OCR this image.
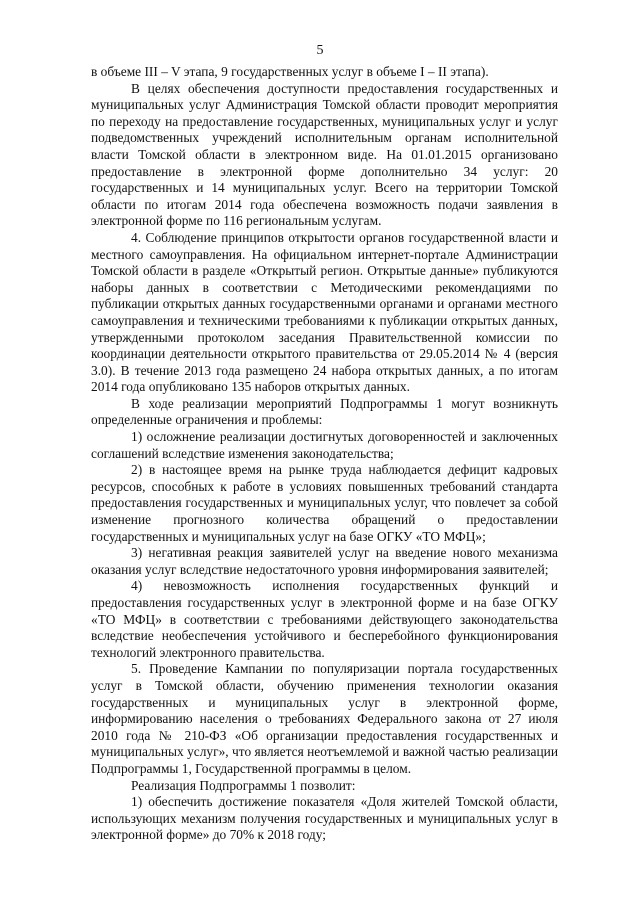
5

в объеме III – V этапа, 9 государственных услуг в объеме I – II этапа).

В целях обеспечения доступности предоставления государственных и муниципальных услуг Администрация Томской области проводит мероприятия по переходу на предоставление государственных, муниципальных услуг и услуг подведомственных учреждений исполнительным органам исполнительной власти Томской области в электронном виде. На 01.01.2015 организовано предоставление в электронной форме дополнительно 34 услуг: 20 государственных и 14 муниципальных услуг. Всего на территории Томской области по итогам 2014 года обеспечена возможность подачи заявления в электронной форме по 116 региональным услугам.

4. Соблюдение принципов открытости органов государственной власти и местного самоуправления. На официальном интернет-портале Администрации Томской области в разделе «Открытый регион. Открытые данные» публикуются наборы данных в соответствии с Методическими рекомендациями по публикации открытых данных государственными органами и органами местного самоуправления и техническими требованиями к публикации открытых данных, утвержденными протоколом заседания Правительственной комиссии по координации деятельности открытого правительства от 29.05.2014 № 4 (версия 3.0). В течение 2013 года размещено 24 набора открытых данных, а по итогам 2014 года опубликовано 135 наборов открытых данных.

В ходе реализации мероприятий Подпрограммы 1 могут возникнуть определенные ограничения и проблемы:

1) осложнение реализации достигнутых договоренностей и заключенных соглашений вследствие изменения законодательства;

2) в настоящее время на рынке труда наблюдается дефицит кадровых ресурсов, способных к работе в условиях повышенных требований стандарта предоставления государственных и муниципальных услуг, что повлечет за собой изменение прогнозного количества обращений о предоставлении государственных и муниципальных услуг на базе ОГКУ «ТО МФЦ»;

3) негативная реакция заявителей услуг на введение нового механизма оказания услуг вследствие недостаточного уровня информирования заявителей;

4) невозможность исполнения государственных функций и предоставления государственных услуг в электронной форме и на базе ОГКУ «ТО МФЦ» в соответствии с требованиями действующего законодательства вследствие необеспечения устойчивого и бесперебойного функционирования технологий электронного правительства.

5. Проведение Кампании по популяризации портала государственных услуг в Томской области, обучению применения технологии оказания государственных и муниципальных услуг в электронной форме, информированию населения о требованиях Федерального закона от 27 июля 2010 года № 210-ФЗ «Об организации предоставления государственных и муниципальных услуг», что является неотъемлемой и важной частью реализации Подпрограммы 1, Государственной программы в целом.

Реализация Подпрограммы 1 позволит:

1) обеспечить достижение показателя «Доля жителей Томской области, использующих механизм получения государственных и муниципальных услуг в электронной форме» до 70% к 2018 году;
